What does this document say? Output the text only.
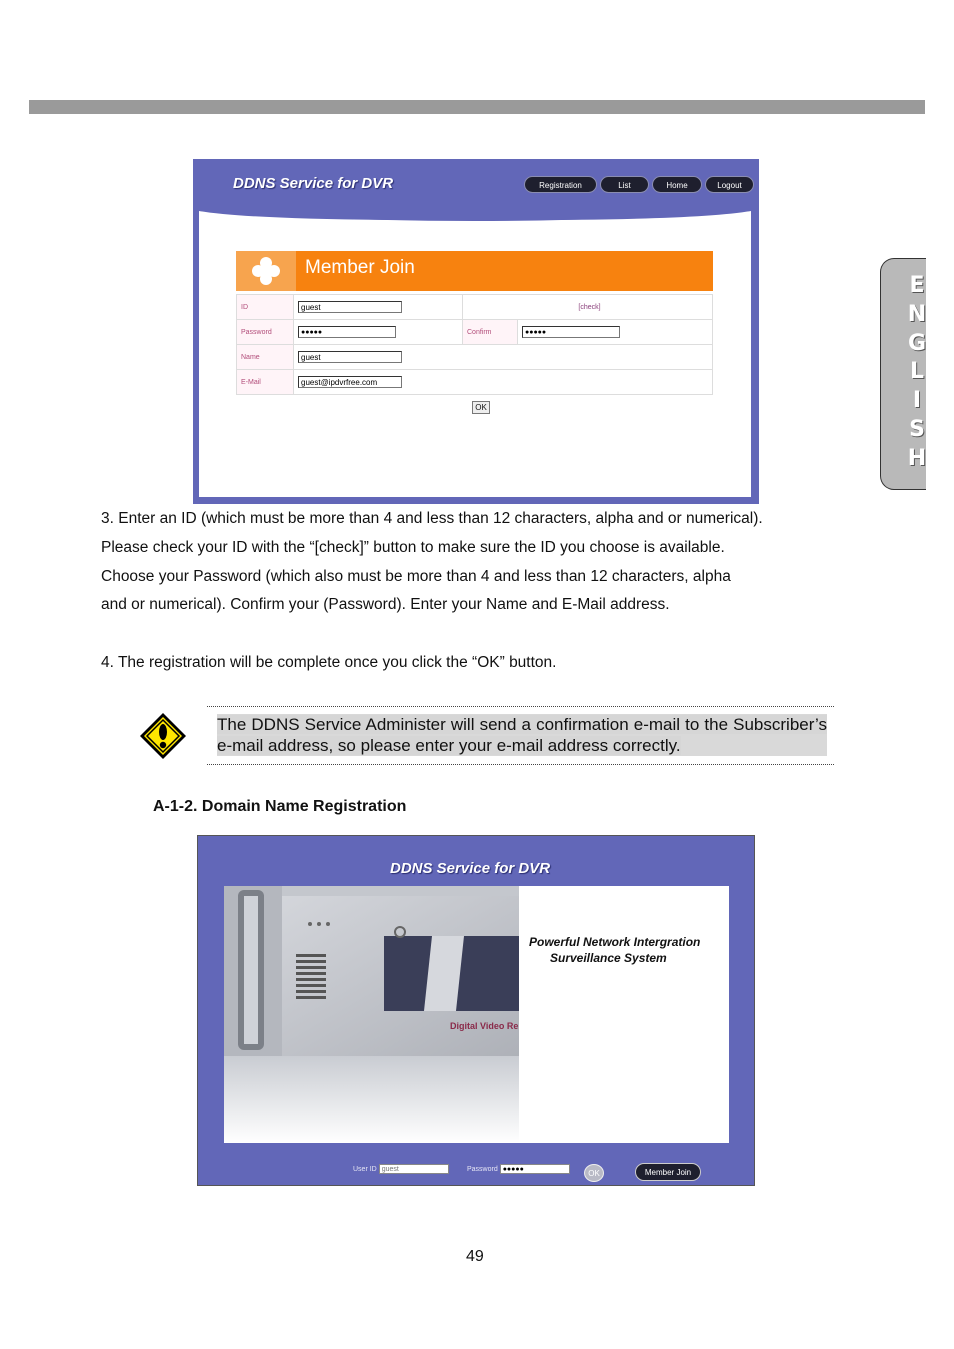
E
N
G
L
I
S
H
Member Join
ID	guest	[check]	
Password	●●●●●	Confirm	●●●●●
Name	guest		
E-Mail	guest@ipdvrfree.com		
OK
DDNS Service for DVR	Registration	List	Home	Logout

3. Enter an ID (which must be more than 4 and less than 12 characters, alpha and or numerical).

Please check your ID with the “[check]” button to make sure the ID you choose is available.

Choose your Password (which also must be more than 4 and less than 12 characters, alpha

and or numerical). Confirm your (Password). Enter your Name and E-Mail address.

4. The registration will be complete once you click the “OK” button.

The DDNS Service Administer will send a confirmation e-mail to the Subscriber’s e-mail address, so please enter your e-mail address correctly.
A-1-2. Domain Name Registration
DDNS Service for DVR
Digital Video Re
Powerful Network Intergration
Surveillance System
User ID guest	Password ●●●●●	OK	Member Join
49
